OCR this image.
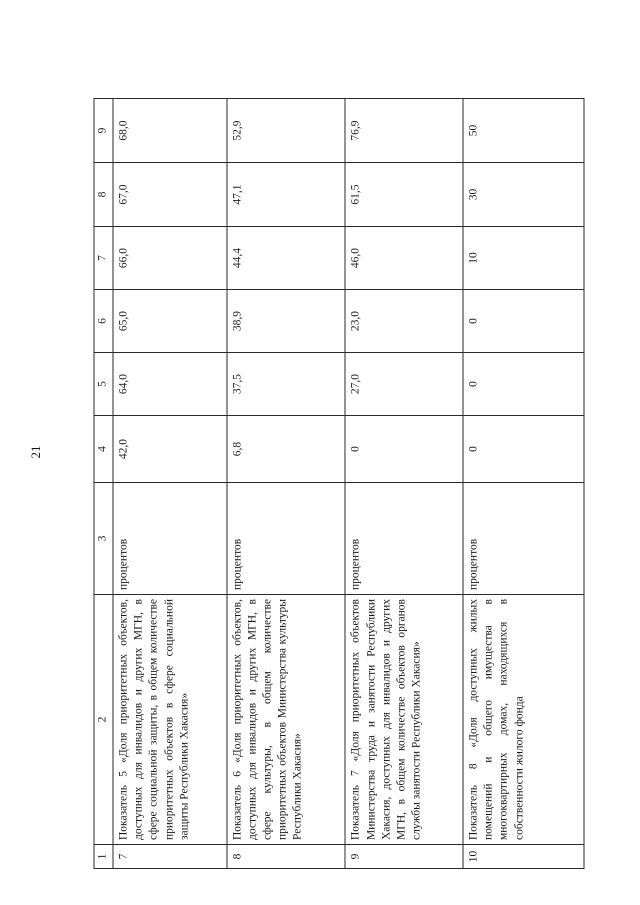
21
1	2	3	4	5	6	7	8	9
7	Показатель 5 «Доля приоритетных объектов, доступных для инвалидов и других МГН, в сфере социальной защиты, в общем количестве приоритетных объектов в сфере социальной защиты Республики Хакасия»	процентов	42,0	64,0	65,0	66,0	67,0	68,0
8	Показатель 6 «Доля приоритетных объектов, доступных для инвалидов и других МГН, в сфере культуры, в общем количестве приоритетных объектов Министерства культуры Республики Хакасия»	процентов	6,8	37,5	38,9	44,4	47,1	52,9
9	Показатель 7 «Доля приоритетных объектов Министерства труда и занятости Республики Хакасия, доступных для инвалидов и других МГН, в общем количестве объектов органов службы занятости Республики Хакасия»	процентов	0	27,0	23,0	46,0	61,5	76,9
10	Показатель 8 «Доля доступных жилых помещений и общего имущества в многоквартирных домах, находящихся в собственности жилого фонда	процентов	0	0	0	10	30	50
